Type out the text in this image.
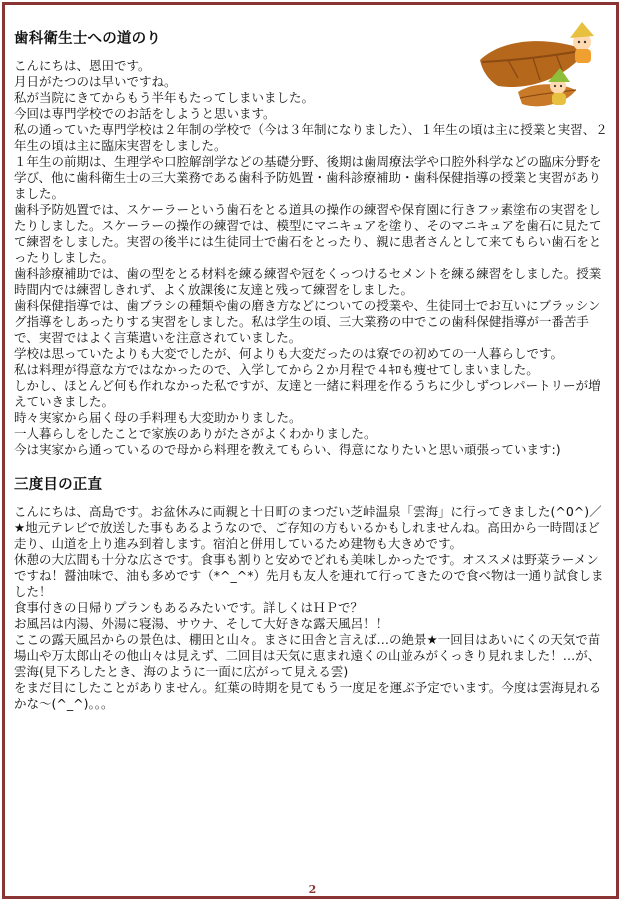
歯科衛生士への道のり

こんにちは、恩田です。

月日がたつのは早いですね。

私が当院にきてからもう半年もたってしまいました。

今回は専門学校でのお話をしようと思います。

私の通っていた専門学校は２年制の学校で（今は３年制になりました）、１年生の頃は主に授業と実習、２年生の頃は主に臨床実習をしました。

１年生の前期は、生理学や口腔解剖学などの基礎分野、後期は歯周療法学や口腔外科学などの臨床分野を学び、他に歯科衛生士の三大業務である歯科予防処置・歯科診療補助・歯科保健指導の授業と実習がありました。

歯科予防処置では、スケーラーという歯石をとる道具の操作の練習や保育園に行きフッ素塗布の実習をしたりしました。スケーラーの操作の練習では、模型にマニキュアを塗り、そのマニキュアを歯石に見たてて練習をしました。実習の後半には生徒同士で歯石をとったり、親に患者さんとして来てもらい歯石をとったりしました。

歯科診療補助では、歯の型をとる材料を練る練習や冠をくっつけるセメントを練る練習をしました。授業時間内では練習しきれず、よく放課後に友達と残って練習をしました。

歯科保健指導では、歯ブラシの種類や歯の磨き方などについての授業や、生徒同士でお互いにブラッシング指導をしあったりする実習をしました。私は学生の頃、三大業務の中でこの歯科保健指導が一番苦手で、実習ではよく言葉遣いを注意されていました。

学校は思っていたよりも大変でしたが、何よりも大変だったのは寮での初めての一人暮らしです。

私は料理が得意な方ではなかったので、入学してから２か月程で４ｷﾛも痩せてしまいました。

しかし、ほとんど何も作れなかった私ですが、友達と一緒に料理を作るうちに少しずつレパートリーが増えていきました。

時々実家から届く母の手料理も大変助かりました。

一人暮らしをしたことで家族のありがたさがよくわかりました。

今は実家から通っているので母から料理を教えてもらい、得意になりたいと思い頑張っています:)

三度目の正直

こんにちは、高島です。お盆休みに両親と十日町のまつだい芝峠温泉「雲海」に行ってきました(^0^)／★地元テレビで放送した事もあるようなので、ご存知の方もいるかもしれませんね。高田から一時間ほど走り、山道を上り進み到着します。宿泊と併用しているため建物も大きめです。

休憩の大広間も十分な広さです。食事も割りと安めでどれも美味しかったです。オススメは野菜ラーメンですね！醤油味で、油も多めです（*^_^*）先月も友人を連れて行ってきたので食べ物は一通り試食しました！

食事付きの日帰りプランもあるみたいです。詳しくはＨＰで？

お風呂は内湯、外湯に寝湯、サウナ、そして大好きな露天風呂！！

ここの露天風呂からの景色は、棚田と山々。まさに田舎と言えば…の絶景★一回目はあいにくの天気で苗場山や万太郎山その他山々は見えず、二回目は天気に恵まれ遠くの山並みがくっきり見れました！…が、雲海(見下ろしたとき、海のように一面に広がって見える雲)

をまだ目にしたことがありません。紅葉の時期を見てもう一度足を運ぶ予定でいます。今度は雲海見れるかな～(^_^)。。。

2
